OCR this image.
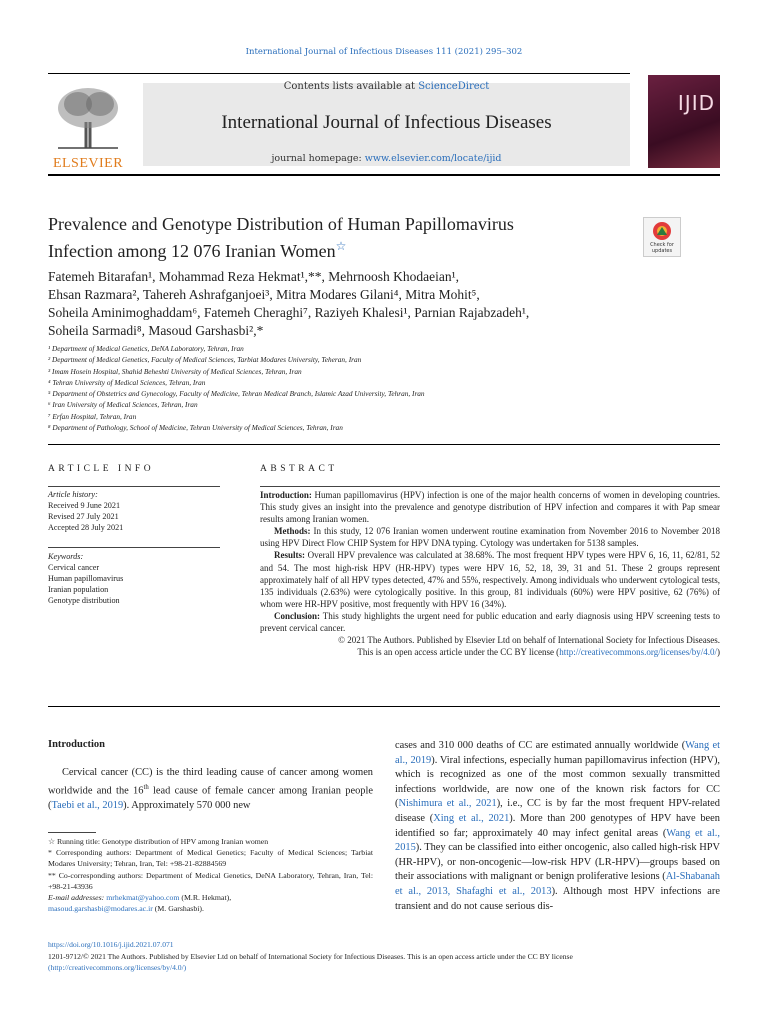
International Journal of Infectious Diseases 111 (2021) 295–302
ELSEVIER
Contents lists available at ScienceDirect
International Journal of Infectious Diseases
journal homepage: www.elsevier.com/locate/ijid
IJID
Prevalence and Genotype Distribution of Human Papillomavirus
Infection among 12 076 Iranian Women☆	Check for updates
Fatemeh Bitarafan¹, Mohammad Reza Hekmat¹,**, Mehrnoosh Khodaeian¹,
Ehsan Razmara², Tahereh Ashrafganjoei³, Mitra Modares Gilani⁴, Mitra Mohit⁵,
Soheila Aminimoghaddam⁶, Fatemeh Cheraghi⁷, Raziyeh Khalesi¹, Parnian Rajabzadeh¹,
Soheila Sarmadi⁸, Masoud Garshasbi²,*
¹ Department of Medical Genetics, DeNA Laboratory, Tehran, Iran
² Department of Medical Genetics, Faculty of Medical Sciences, Tarbiat Modares University, Teheran, Iran
³ Imam Hosein Hospital, Shahid Beheshti University of Medical Sciences, Tehran, Iran
⁴ Tehran University of Medical Sciences, Tehran, Iran
⁵ Department of Obstetrics and Gynecology, Faculty of Medicine, Tehran Medical Branch, Islamic Azad University, Tehran, Iran
⁶ Iran University of Medical Sciences, Tehran, Iran
⁷ Erfan Hospital, Tehran, Iran
⁸ Department of Pathology, School of Medicine, Tehran University of Medical Sciences, Tehran, Iran
ARTICLE INFO
Article history:
Received 9 June 2021
Revised 27 July 2021
Accepted 28 July 2021
Keywords:
Cervical cancer
Human papillomavirus
Iranian population
Genotype distribution
ABSTRACT

Introduction: Human papillomavirus (HPV) infection is one of the major health concerns of women in developing countries. This study gives an insight into the prevalence and genotype distribution of HPV infection and compares it with Pap smear results among Iranian women.

Methods: In this study, 12 076 Iranian women underwent routine examination from November 2016 to November 2018 using HPV Direct Flow CHIP System for HPV DNA typing. Cytology was undertaken for 5138 samples.

Results: Overall HPV prevalence was calculated at 38.68%. The most frequent HPV types were HPV 6, 16, 11, 62/81, 52 and 54. The most high-risk HPV (HR-HPV) types were HPV 16, 52, 18, 39, 31 and 51. These 2 groups represent approximately half of all HPV types detected, 47% and 55%, respectively. Among individuals who underwent cytological tests, 135 individuals (2.63%) were cytologically positive. In this group, 81 individuals (60%) were HPV positive, 62 (76%) of whom were HR-HPV positive, most frequently with HPV 16 (34%).

Conclusion: This study highlights the urgent need for public education and early diagnosis using HPV screening tests to prevent cervical cancer.

© 2021 The Authors. Published by Elsevier Ltd on behalf of International Society for Infectious Diseases.
This is an open access article under the CC BY license (http://creativecommons.org/licenses/by/4.0/)

Introduction

Cervical cancer (CC) is the third leading cause of cancer among women worldwide and the 16th lead cause of female cancer among Iranian people (Taebi et al., 2019). Approximately 570 000 new

☆ Running title: Genotype distribution of HPV among Iranian women
* Corresponding authors: Department of Medical Genetics; Faculty of Medical Sciences; Tarbiat Modares University; Tehran, Iran, Tel: +98-21-82884569
** Co-corresponding authors: Department of Medical Genetics, DeNA Laboratory, Tehran, Iran, Tel: +98-21-43936
E-mail addresses: mrhekmat@yahoo.com (M.R. Hekmat),
masoud.garshasbi@modares.ac.ir (M. Garshasbi).

cases and 310 000 deaths of CC are estimated annually worldwide (Wang et al., 2019). Viral infections, especially human papillomavirus infection (HPV), which is recognized as one of the most common sexually transmitted infections worldwide, are now one of the known risk factors for CC (Nishimura et al., 2021), i.e., CC is by far the most frequent HPV-related disease (Xing et al., 2021). More than 200 genotypes of HPV have been identified so far; approximately 40 may infect genital areas (Wang et al., 2015). They can be classified into either oncogenic, also called high-risk HPV (HR-HPV), or non-oncogenic—low-risk HPV (LR-HPV)—groups based on their associations with malignant or benign proliferative lesions (Al-Shabanah et al., 2013, Shafaghi et al., 2013). Although most HPV infections are transient and do not cause serious dis-

https://doi.org/10.1016/j.ijid.2021.07.071
1201-9712/© 2021 The Authors. Published by Elsevier Ltd on behalf of International Society for Infectious Diseases. This is an open access article under the CC BY license
(http://creativecommons.org/licenses/by/4.0/)
